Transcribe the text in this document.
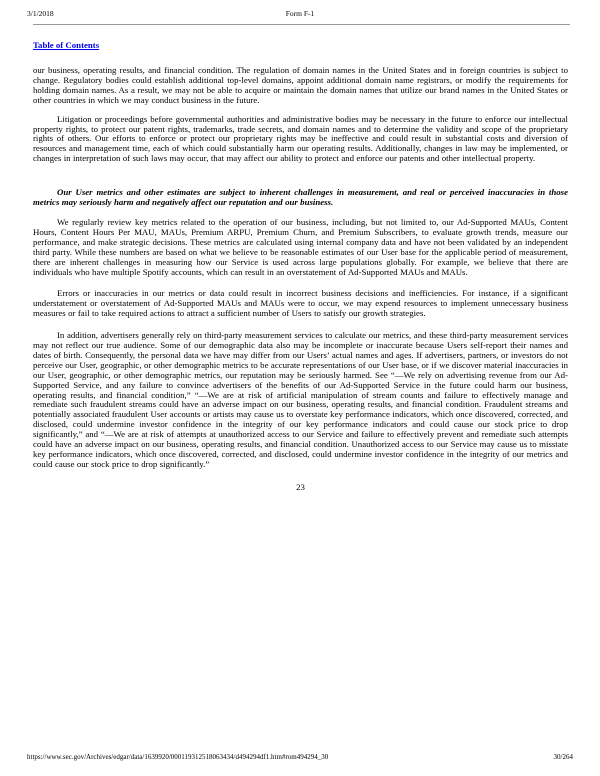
3/1/2018	Form F-1
Table of Contents

our business, operating results, and financial condition. The regulation of domain names in the United States and in foreign countries is subject to change. Regulatory bodies could establish additional top-level domains, appoint additional domain name registrars, or modify the requirements for holding domain names. As a result, we may not be able to acquire or maintain the domain names that utilize our brand names in the United States or other countries in which we may conduct business in the future.

Litigation or proceedings before governmental authorities and administrative bodies may be necessary in the future to enforce our intellectual property rights, to protect our patent rights, trademarks, trade secrets, and domain names and to determine the validity and scope of the proprietary rights of others. Our efforts to enforce or protect our proprietary rights may be ineffective and could result in substantial costs and diversion of resources and management time, each of which could substantially harm our operating results. Additionally, changes in law may be implemented, or changes in interpretation of such laws may occur, that may affect our ability to protect and enforce our patents and other intellectual property.

Our User metrics and other estimates are subject to inherent challenges in measurement, and real or perceived inaccuracies in those metrics may seriously harm and negatively affect our reputation and our business.

We regularly review key metrics related to the operation of our business, including, but not limited to, our Ad-Supported MAUs, Content Hours, Content Hours Per MAU, MAUs, Premium ARPU, Premium Churn, and Premium Subscribers, to evaluate growth trends, measure our performance, and make strategic decisions. These metrics are calculated using internal company data and have not been validated by an independent third party. While these numbers are based on what we believe to be reasonable estimates of our User base for the applicable period of measurement, there are inherent challenges in measuring how our Service is used across large populations globally. For example, we believe that there are individuals who have multiple Spotify accounts, which can result in an overstatement of Ad-Supported MAUs and MAUs.

Errors or inaccuracies in our metrics or data could result in incorrect business decisions and inefficiencies. For instance, if a significant understatement or overstatement of Ad-Supported MAUs and MAUs were to occur, we may expend resources to implement unnecessary business measures or fail to take required actions to attract a sufficient number of Users to satisfy our growth strategies.

In addition, advertisers generally rely on third-party measurement services to calculate our metrics, and these third-party measurement services may not reflect our true audience. Some of our demographic data also may be incomplete or inaccurate because Users self-report their names and dates of birth. Consequently, the personal data we have may differ from our Users’ actual names and ages. If advertisers, partners, or investors do not perceive our User, geographic, or other demographic metrics to be accurate representations of our User base, or if we discover material inaccuracies in our User, geographic, or other demographic metrics, our reputation may be seriously harmed. See “—We rely on advertising revenue from our Ad-Supported Service, and any failure to convince advertisers of the benefits of our Ad-Supported Service in the future could harm our business, operating results, and financial condition,” “—We are at risk of artificial manipulation of stream counts and failure to effectively manage and remediate such fraudulent streams could have an adverse impact on our business, operating results, and financial condition. Fraudulent streams and potentially associated fraudulent User accounts or artists may cause us to overstate key performance indicators, which once discovered, corrected, and disclosed, could undermine investor confidence in the integrity of our key performance indicators and could cause our stock price to drop significantly,” and “—We are at risk of attempts at unauthorized access to our Service and failure to effectively prevent and remediate such attempts could have an adverse impact on our business, operating results, and financial condition. Unauthorized access to our Service may cause us to misstate key performance indicators, which once discovered, corrected, and disclosed, could undermine investor confidence in the integrity of our metrics and could cause our stock price to drop significantly.”

23
https://www.sec.gov/Archives/edgar/data/1639920/000119312518063434/d494294df1.htm#rom494294_30	30/264
